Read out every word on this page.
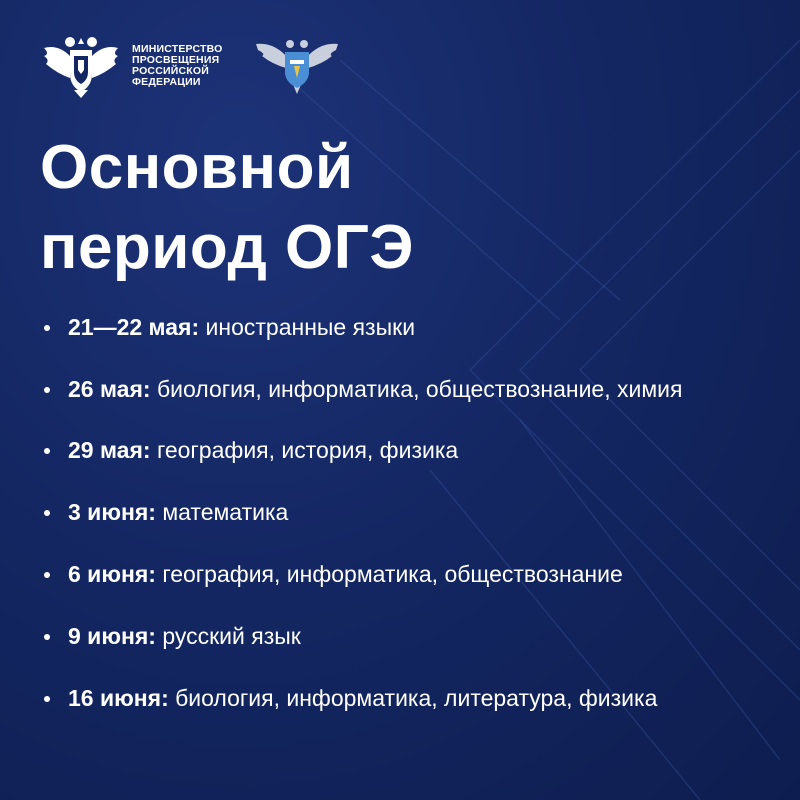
МИНИСТЕРСТВО
ПРОСВЕЩЕНИЯ
РОССИЙСКОЙ
ФЕДЕРАЦИИ
Основной
период ОГЭ
21—22 мая: иностранные языки
26 мая: биология, информатика, обществознание, химия
29 мая: география, история, физика
3 июня: математика
6 июня: география, информатика, обществознание
9 июня: русский язык
16 июня: биология, информатика, литература, физика
